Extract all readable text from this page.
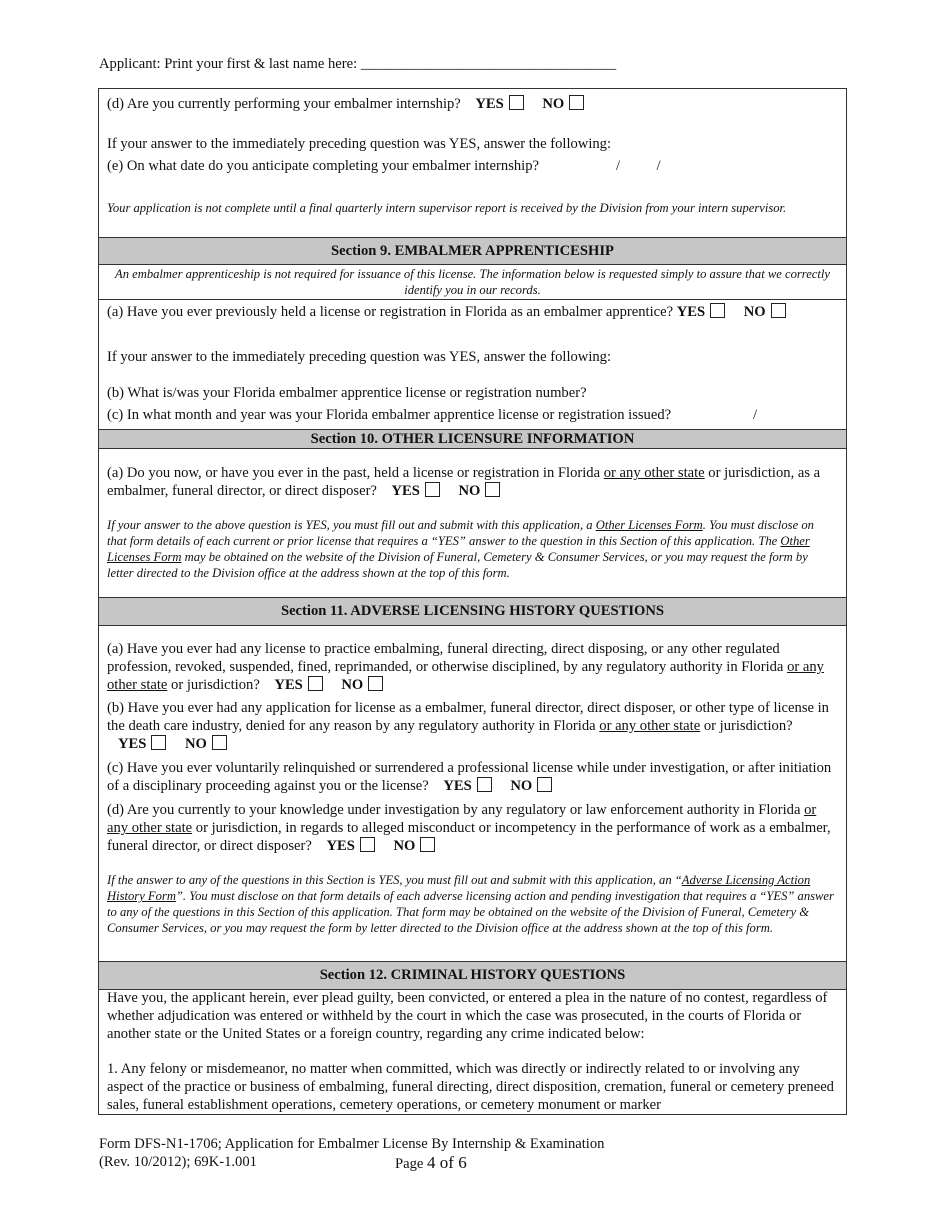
Applicant: Print your first & last name here: ___________________________________
(d) Are you currently performing your embalmer internship? YES	NO
If your answer to the immediately preceding question was YES, answer the following:
(e) On what date do you anticipate completing your embalmer internship?	/          /
Your application is not complete until a final quarterly intern supervisor report is received by the Division from your intern supervisor.
Section 9. EMBALMER APPRENTICESHIP
An embalmer apprenticeship is not required for issuance of this license. The information below is requested simply to assure that we correctly identify you in our records.
(a) Have you ever previously held a license or registration in Florida as an embalmer apprentice? YES	NO
If your answer to the immediately preceding question was YES, answer the following:
(b) What is/was your Florida embalmer apprentice license or registration number?
(c) In what month and year was your Florida embalmer apprentice license or registration issued?	/
Section 10. OTHER LICENSURE INFORMATION
(a) Do you now, or have you ever in the past, held a license or registration in Florida or any other state or jurisdiction, as a embalmer, funeral director, or direct disposer? YES	NO
If your answer to the above question is YES, you must fill out and submit with this application, a Other Licenses Form. You must disclose on that form details of each current or prior license that requires a “YES” answer to the question in this Section of this application. The Other Licenses Form may be obtained on the website of the Division of Funeral, Cemetery & Consumer Services, or you may request the form by letter directed to the Division office at the address shown at the top of this form.
Section 11. ADVERSE LICENSING HISTORY QUESTIONS
(a) Have you ever had any license to practice embalming, funeral directing, direct disposing, or any other regulated profession, revoked, suspended, fined, reprimanded, or otherwise disciplined, by any regulatory authority in Florida or any other state or jurisdiction? YES	NO
(b) Have you ever had any application for license as a embalmer, funeral director, direct disposer, or other type of license in the death care industry, denied for any reason by any regulatory authority in Florida or any other state or jurisdiction?    YES	NO
(c) Have you ever voluntarily relinquished or surrendered a professional license while under investigation, or after initiation of a disciplinary proceeding against you or the license? YES	NO
(d) Are you currently to your knowledge under investigation by any regulatory or law enforcement authority in Florida or any other state or jurisdiction, in regards to alleged misconduct or incompetency in the performance of work as a embalmer, funeral director, or direct disposer? YES	NO
If the answer to any of the questions in this Section is YES, you must fill out and submit with this application, an “Adverse Licensing Action History Form”. You must disclose on that form details of each adverse licensing action and pending investigation that requires a “YES” answer to any of the questions in this Section of this application. That form may be obtained on the website of the Division of Funeral, Cemetery & Consumer Services, or you may request the form by letter directed to the Division office at the address shown at the top of this form.
Section 12. CRIMINAL HISTORY QUESTIONS
Have you, the applicant herein, ever plead guilty, been convicted, or entered a plea in the nature of no contest, regardless of whether adjudication was entered or withheld by the court in which the case was prosecuted, in the courts of Florida or another state or the United States or a foreign country, regarding any crime indicated below:
1. Any felony or misdemeanor, no matter when committed, which was directly or indirectly related to or involving any aspect of the practice or business of embalming, funeral directing, direct disposition, cremation, funeral or cemetery preneed sales, funeral establishment operations, cemetery operations, or cemetery monument or marker
Form DFS-N1-1706; Application for Embalmer License By Internship & Examination
(Rev. 10/2012); 69K-1.001	Page 4 of 6
